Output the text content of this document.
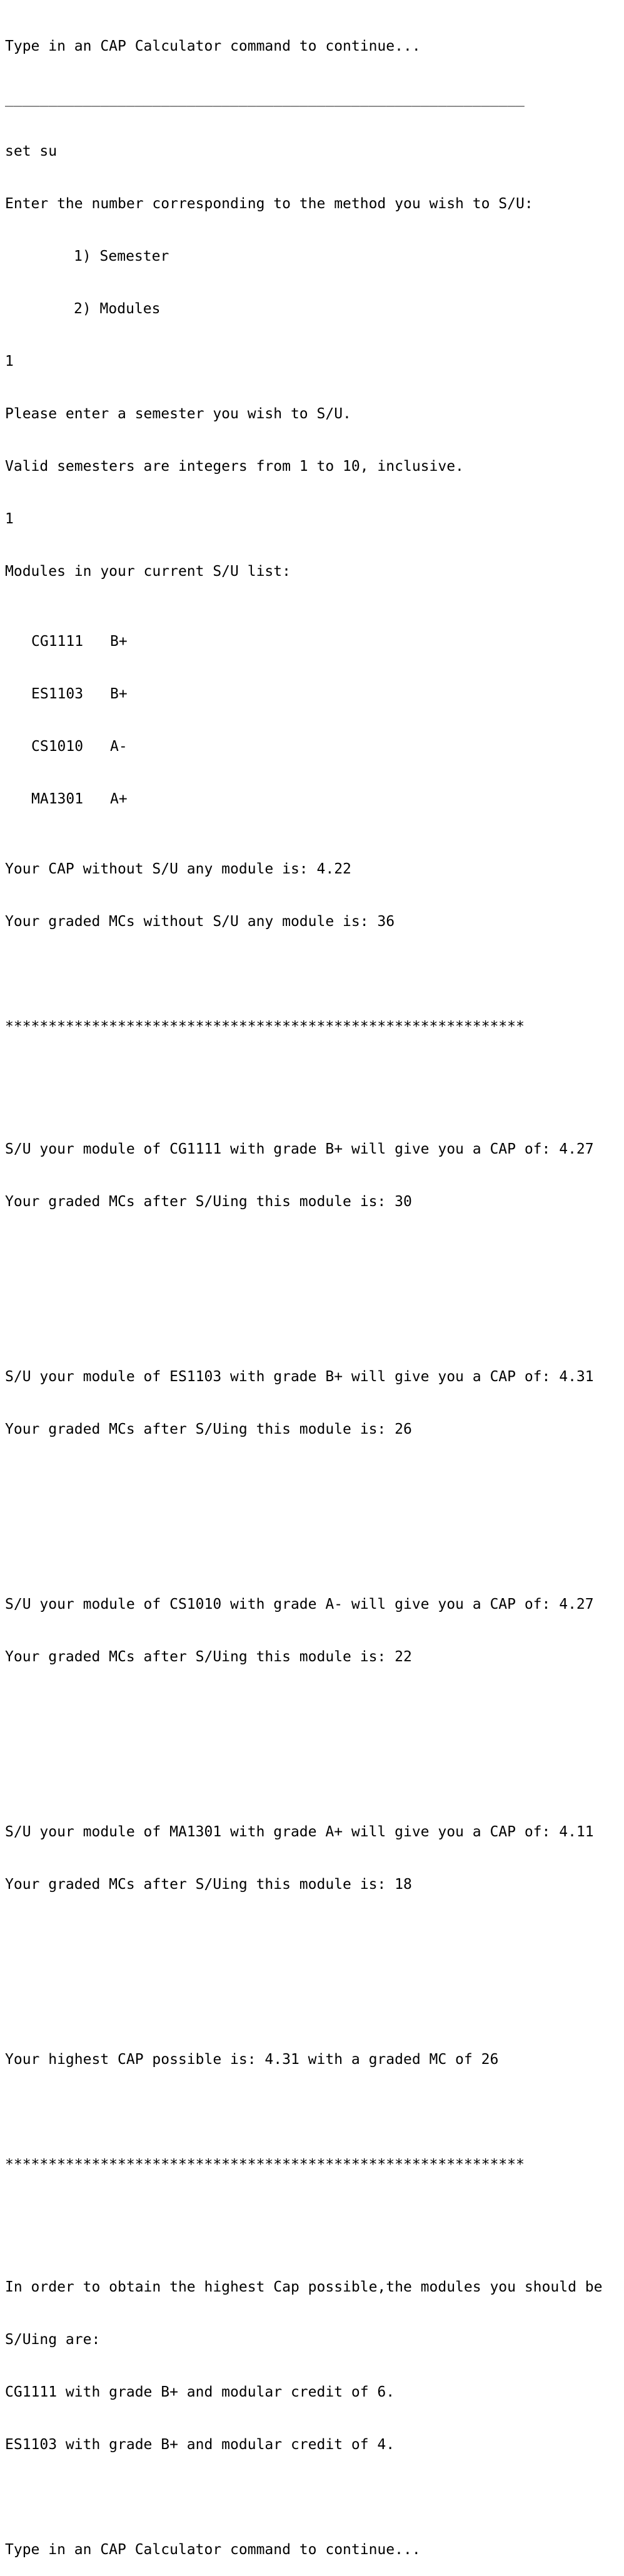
Type in an CAP Calculator command to continue...

____________________________________________________________

set su

Enter the number corresponding to the method you wish to S/U:

1) Semester

2) Modules

1

Please enter a semester you wish to S/U.

Valid semesters are integers from 1 to 10, inclusive.

1

Modules in your current S/U list:

CG1111 B+

ES1103 B+

CS1010 A-

MA1301 A+

Your CAP without S/U any module is: 4.22

Your graded MCs without S/U any module is: 36

************************************************************

S/U your module of CG1111 with grade B+ will give you a CAP of: 4.27

Your graded MCs after S/Uing this module is: 30

S/U your module of ES1103 with grade B+ will give you a CAP of: 4.31

Your graded MCs after S/Uing this module is: 26

S/U your module of CS1010 with grade A- will give you a CAP of: 4.27

Your graded MCs after S/Uing this module is: 22

S/U your module of MA1301 with grade A+ will give you a CAP of: 4.11

Your graded MCs after S/Uing this module is: 18

Your highest CAP possible is: 4.31 with a graded MC of 26

************************************************************

In order to obtain the highest Cap possible,the modules you should be

S/Uing are:

CG1111 with grade B+ and modular credit of 6.

ES1103 with grade B+ and modular credit of 4.

Type in an CAP Calculator command to continue...
